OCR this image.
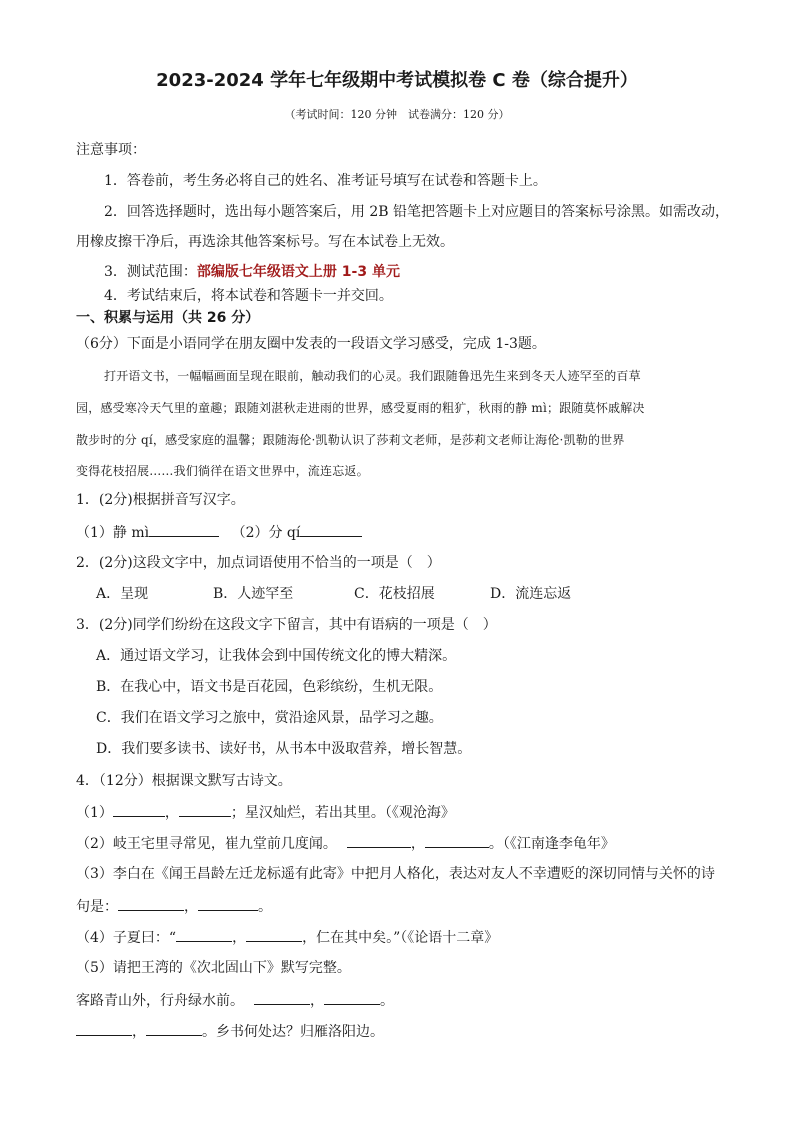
2023-2024 学年七年级期中考试模拟卷 C 卷（综合提升）
（考试时间：120 分钟　试卷满分：120 分）
注意事项：
1．答卷前，考生务必将自己的姓名、准考证号填写在试卷和答题卡上。
2．回答选择题时，选出每小题答案后，用 2B 铅笔把答题卡上对应题目的答案标号涂黑。如需改动，
用橡皮擦干净后，再选涂其他答案标号。写在本试卷上无效。
3．测试范围：部编版七年级语文上册 1-3 单元
4．考试结束后，将本试卷和答题卡一并交回。
一、积累与运用（共 26 分）
（6分）下面是小语同学在朋友圈中发表的一段语文学习感受，完成 1-3题。
打开语文书，一幅幅画面呈现在眼前，触动我们的心灵。我们跟随鲁迅先生来到冬天人迹罕至的百草
园，感受寒冷天气里的童趣；跟随刘湛秋走进雨的世界，感受夏雨的粗犷，秋雨的静 mì；跟随莫怀戚解决
散步时的分 qí，感受家庭的温馨；跟随海伦·凯勒认识了莎莉文老师，是莎莉文老师让海伦·凯勒的世界
变得花枝招展……我们徜徉在语文世界中，流连忘返。
1．(2分)根据拼音写汉字。
（1）静 mì	（2）分 qí
2．(2分)这段文字中，加点词语使用不恰当的一项是（　）
A．呈现	B．人迹罕至	C．花枝招展	D．流连忘返
3．(2分)同学们纷纷在这段文字下留言，其中有语病的一项是（　）
A．通过语文学习，让我体会到中国传统文化的博大精深。
B．在我心中，语文书是百花园，色彩缤纷，生机无限。
C．我们在语文学习之旅中，赏沿途风景，品学习之趣。
D．我们要多读书、读好书，从书本中汲取营养，增长智慧。
4．（12分）根据课文默写古诗文。
（1）	，	；星汉灿烂，若出其里。（《观沧海》
（2）岐王宅里寻常见，崔九堂前几度闻。	，	。（《江南逢李龟年》
（3）李白在《闻王昌龄左迁龙标遥有此寄》中把月人格化，表达对友人不幸遭贬的深切同情与关怀的诗
句是：	，	。
（4）子夏曰：“	，	，仁在其中矣。”（《论语十二章》
（5）请把王湾的《次北固山下》默写完整。
客路青山外，行舟绿水前。	，	。
，	。乡书何处达？归雁洛阳边。
